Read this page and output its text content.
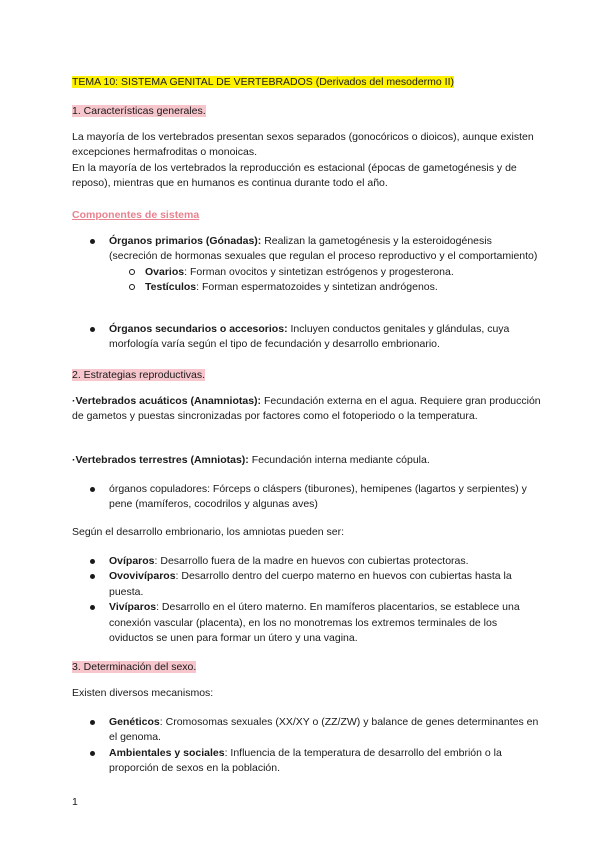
TEMA 10: SISTEMA GENITAL DE VERTEBRADOS (Derivados del mesodermo II)
1. Características generales.

La mayoría de los vertebrados presentan sexos separados (gonocóricos o dioicos), aunque existen excepciones hermafroditas o monoicas.

En la mayoría de los vertebrados la reproducción es estacional (épocas de gametogénesis y de reposo), mientras que en humanos es continua durante todo el año.

Componentes de sistema
Órganos primarios (Gónadas): Realizan la gametogénesis y la esteroidogénesis (secreción de hormonas sexuales que regulan el proceso reproductivo y el comportamiento)
Ovarios: Forman ovocitos y sintetizan estrógenos y progesterona.
Testículos: Forman espermatozoides y sintetizan andrógenos.
Órganos secundarios o accesorios: Incluyen conductos genitales y glándulas, cuya morfología varía según el tipo de fecundación y desarrollo embrionario.
2. Estrategias reproductivas.

·Vertebrados acuáticos (Anamniotas): Fecundación externa en el agua. Requiere gran producción de gametos y puestas sincronizadas por factores como el fotoperiodo o la temperatura.

·Vertebrados terrestres (Amniotas): Fecundación interna mediante cópula.

órganos copuladores: Fórceps o cláspers (tiburones), hemipenes (lagartos y serpientes) y pene (mamíferos, cocodrilos y algunas aves)

Según el desarrollo embrionario, los amniotas pueden ser:

Ovíparos: Desarrollo fuera de la madre en huevos con cubiertas protectoras.
Ovovivíparos: Desarrollo dentro del cuerpo materno en huevos con cubiertas hasta la puesta.
Vivíparos: Desarrollo en el útero materno. En mamíferos placentarios, se establece una conexión vascular (placenta), en los no monotremas los extremos terminales de los oviductos se unen para formar un útero y una vagina.
3. Determinación del sexo.

Existen diversos mecanismos:

Genéticos: Cromosomas sexuales (XX/XY o (ZZ/ZW) y balance de genes determinantes en el genoma.
Ambientales y sociales: Influencia de la temperatura de desarrollo del embrión o la proporción de sexos en la población.
1
